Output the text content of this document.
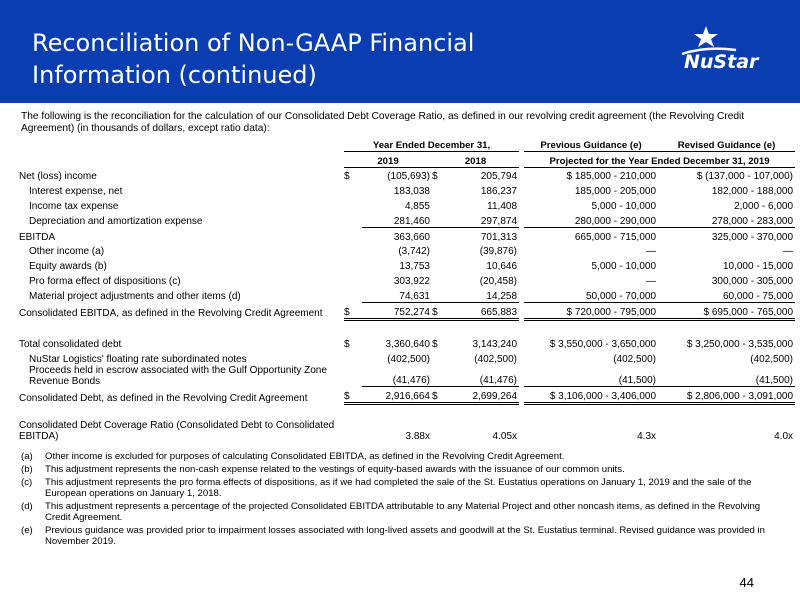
Reconciliation of Non-GAAP Financial Information (continued)	NuStar
The following is the reconciliation for the calculation of our Consolidated Debt Coverage Ratio, as defined in our revolving credit agreement (the Revolving Credit Agreement) (in thousands of dollars, except ratio data):
	Year Ended December 31,					Previous Guidance (e)	Revised Guidance (e)
	2019		2018			Projected for the Year Ended December 31, 2019	
Net (loss) income	$	(105,693)	$	205,794		$ 185,000 - 210,000	$ (137,000 - 107,000)
Interest expense, net		183,038		186,237		185,000 - 205,000	182,000 - 188,000
Income tax expense		4,855		11,408		5,000 - 10,000	2,000 - 6,000
Depreciation and amortization expense		281,460		297,874		280,000 - 290,000	278,000 - 283,000
EBITDA		363,660		701,313		665,000 - 715,000	325,000 - 370,000
Other income (a)		(3,742)		(39,876)		—	—
Equity awards (b)		13,753		10,646		5,000 - 10,000	10,000 - 15,000
Pro forma effect of dispositions (c)		303,922		(20,458)		—	300,000 - 305,000
Material project adjustments and other items (d)		74,631		14,258		50,000 - 70,000	60,000 - 75,000
Consolidated EBITDA, as defined in the Revolving Credit Agreement	$	752,274	$	665,883		$ 720,000 - 795,000	$ 695,000 - 765,000

Total consolidated debt	$	3,360,640	$	3,143,240		$ 3,550,000 - 3,650,000	$ 3,250,000 - 3,535,000
NuStar Logistics' floating rate subordinated notes		(402,500)		(402,500)		(402,500)	(402,500)
Proceeds held in escrow associated with the Gulf Opportunity Zone Revenue Bonds		(41,476)		(41,476)		(41,500)	(41,500)
Consolidated Debt, as defined in the Revolving Credit Agreement	$	2,916,664	$	2,699,264		$ 3,106,000 - 3,406,000	$ 2,806,000 - 3,091,000

Consolidated Debt Coverage Ratio (Consolidated Debt to Consolidated EBITDA)		3.88x		4.05x		4.3x	4.0x
(a)	Other income is excluded for purposes of calculating Consolidated EBITDA, as defined in the Revolving Credit Agreement.
(b)	This adjustment represents the non-cash expense related to the vestings of equity-based awards with the issuance of our common units.
(c)	This adjustment represents the pro forma effects of dispositions, as if we had completed the sale of the St. Eustatius operations on January 1, 2019 and the sale of the European operations on January 1, 2018.
(d)	This adjustment represents a percentage of the projected Consolidated EBITDA attributable to any Material Project and other noncash items, as defined in the Revolving Credit Agreement.
(e)	Previous guidance was provided prior to impairment losses associated with long-lived assets and goodwill at the St. Eustatius terminal. Revised guidance was provided in November 2019.
44
